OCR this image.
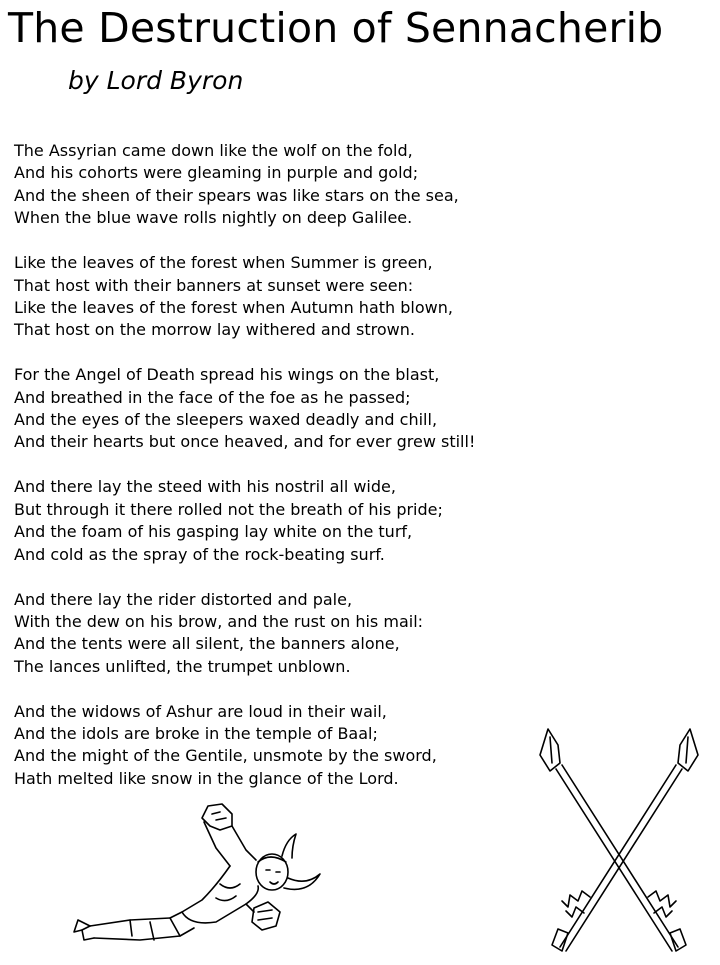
The Destruction of Sennacherib
by Lord Byron
The Assyrian came down like the wolf on the fold,
And his cohorts were gleaming in purple and gold;
And the sheen of their spears was like stars on the sea,
When the blue wave rolls nightly on deep Galilee.
Like the leaves of the forest when Summer is green,
That host with their banners at sunset were seen:
Like the leaves of the forest when Autumn hath blown,
That host on the morrow lay withered and strown.
For the Angel of Death spread his wings on the blast,
And breathed in the face of the foe as he passed;
And the eyes of the sleepers waxed deadly and chill,
And their hearts but once heaved, and for ever grew still!
And there lay the steed with his nostril all wide,
But through it there rolled not the breath of his pride;
And the foam of his gasping lay white on the turf,
And cold as the spray of the rock-beating surf.
And there lay the rider distorted and pale,
With the dew on his brow, and the rust on his mail:
And the tents were all silent, the banners alone,
The lances unlifted, the trumpet unblown.
And the widows of Ashur are loud in their wail,
And the idols are broke in the temple of Baal;
And the might of the Gentile, unsmote by the sword,
Hath melted like snow in the glance of the Lord.
